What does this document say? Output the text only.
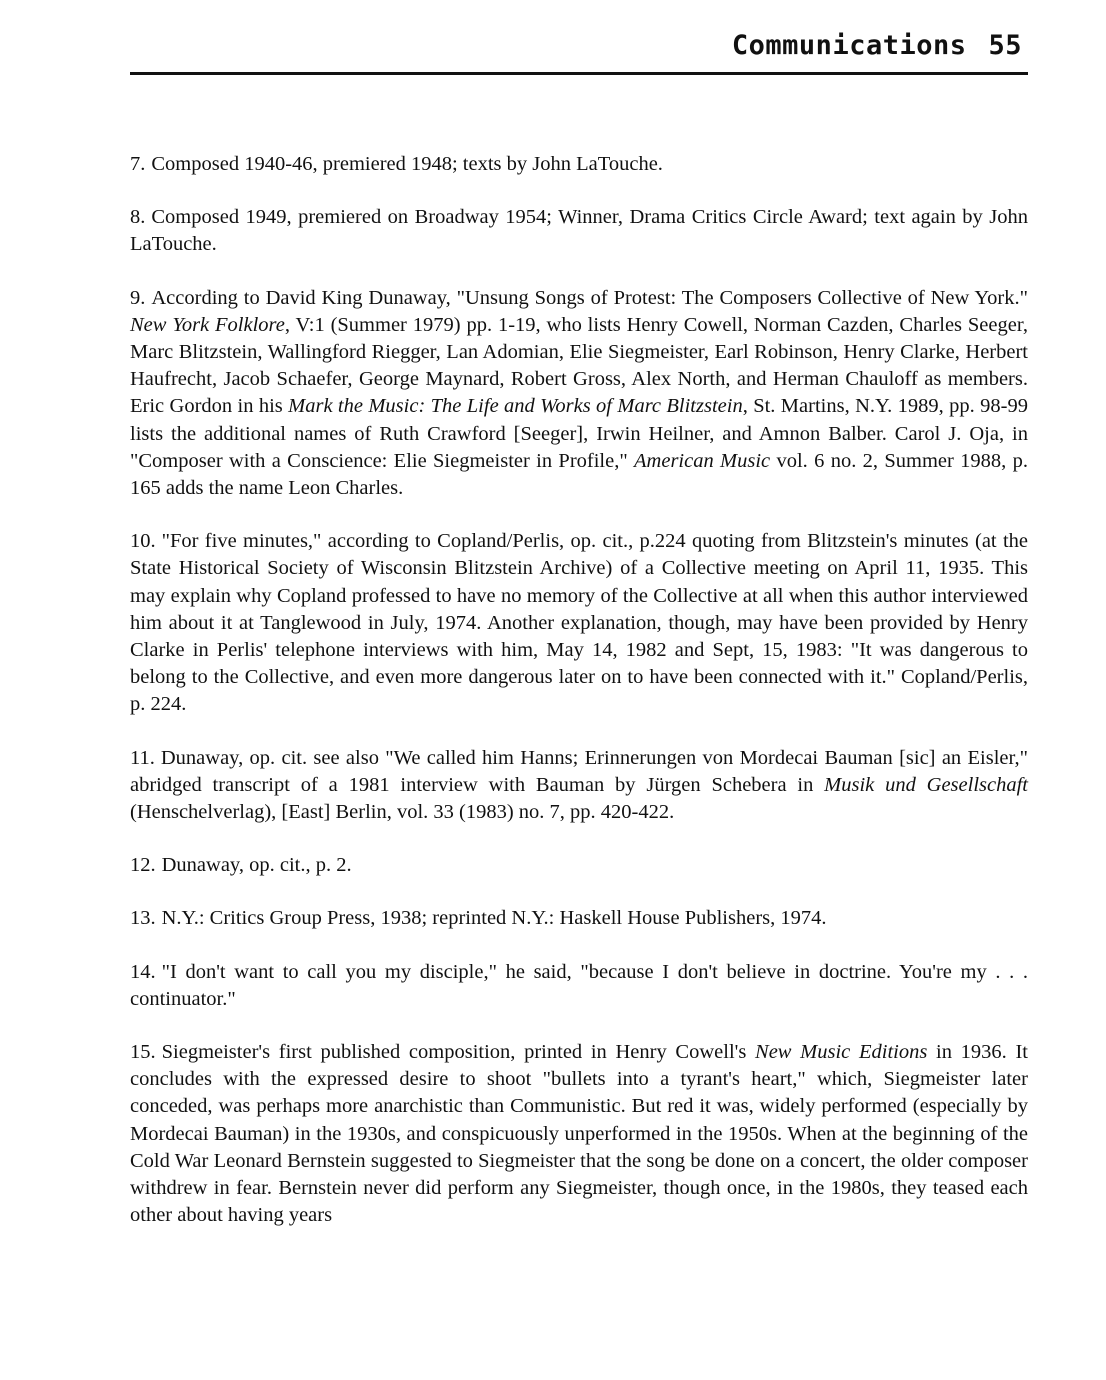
Communications 55

7. Composed 1940-46, premiered 1948; texts by John LaTouche.

8. Composed 1949, premiered on Broadway 1954; Winner, Drama Critics Circle Award; text again by John LaTouche.

9. According to David King Dunaway, "Unsung Songs of Protest: The Composers Collective of New York." New York Folklore, V:1 (Summer 1979) pp. 1-19, who lists Henry Cowell, Norman Cazden, Charles Seeger, Marc Blitzstein, Wallingford Riegger, Lan Adomian, Elie Siegmeister, Earl Robinson, Henry Clarke, Herbert Haufrecht, Jacob Schaefer, George Maynard, Robert Gross, Alex North, and Herman Chauloff as members. Eric Gordon in his Mark the Music: The Life and Works of Marc Blitzstein, St. Martins, N.Y. 1989, pp. 98-99 lists the additional names of Ruth Crawford [Seeger], Irwin Heilner, and Amnon Balber. Carol J. Oja, in "Composer with a Conscience: Elie Siegmeister in Profile," American Music vol. 6 no. 2, Summer 1988, p. 165 adds the name Leon Charles.

10. "For five minutes," according to Copland/Perlis, op. cit., p.224 quoting from Blitzstein's minutes (at the State Historical Society of Wisconsin Blitzstein Archive) of a Collective meeting on April 11, 1935. This may explain why Copland professed to have no memory of the Collective at all when this author interviewed him about it at Tanglewood in July, 1974. Another explanation, though, may have been provided by Henry Clarke in Perlis' telephone interviews with him, May 14, 1982 and Sept, 15, 1983: "It was dangerous to belong to the Collective, and even more dangerous later on to have been connected with it." Copland/Perlis, p. 224.

11. Dunaway, op. cit. see also "We called him Hanns; Erinnerungen von Mordecai Bauman [sic] an Eisler," abridged transcript of a 1981 interview with Bauman by Jürgen Schebera in Musik und Gesellschaft (Henschelverlag), [East] Berlin, vol. 33 (1983) no. 7, pp. 420-422.

12. Dunaway, op. cit., p. 2.

13. N.Y.: Critics Group Press, 1938; reprinted N.Y.: Haskell House Publishers, 1974.

14. "I don't want to call you my disciple," he said, "because I don't believe in doctrine. You're my . . . continuator."

15. Siegmeister's first published composition, printed in Henry Cowell's New Music Editions in 1936. It concludes with the expressed desire to shoot "bullets into a tyrant's heart," which, Siegmeister later conceded, was perhaps more anarchistic than Communistic. But red it was, widely performed (especially by Mordecai Bauman) in the 1930s, and conspicuously unperformed in the 1950s. When at the beginning of the Cold War Leonard Bernstein suggested to Siegmeister that the song be done on a concert, the older composer withdrew in fear. Bernstein never did perform any Siegmeister, though once, in the 1980s, they teased each other about having years
